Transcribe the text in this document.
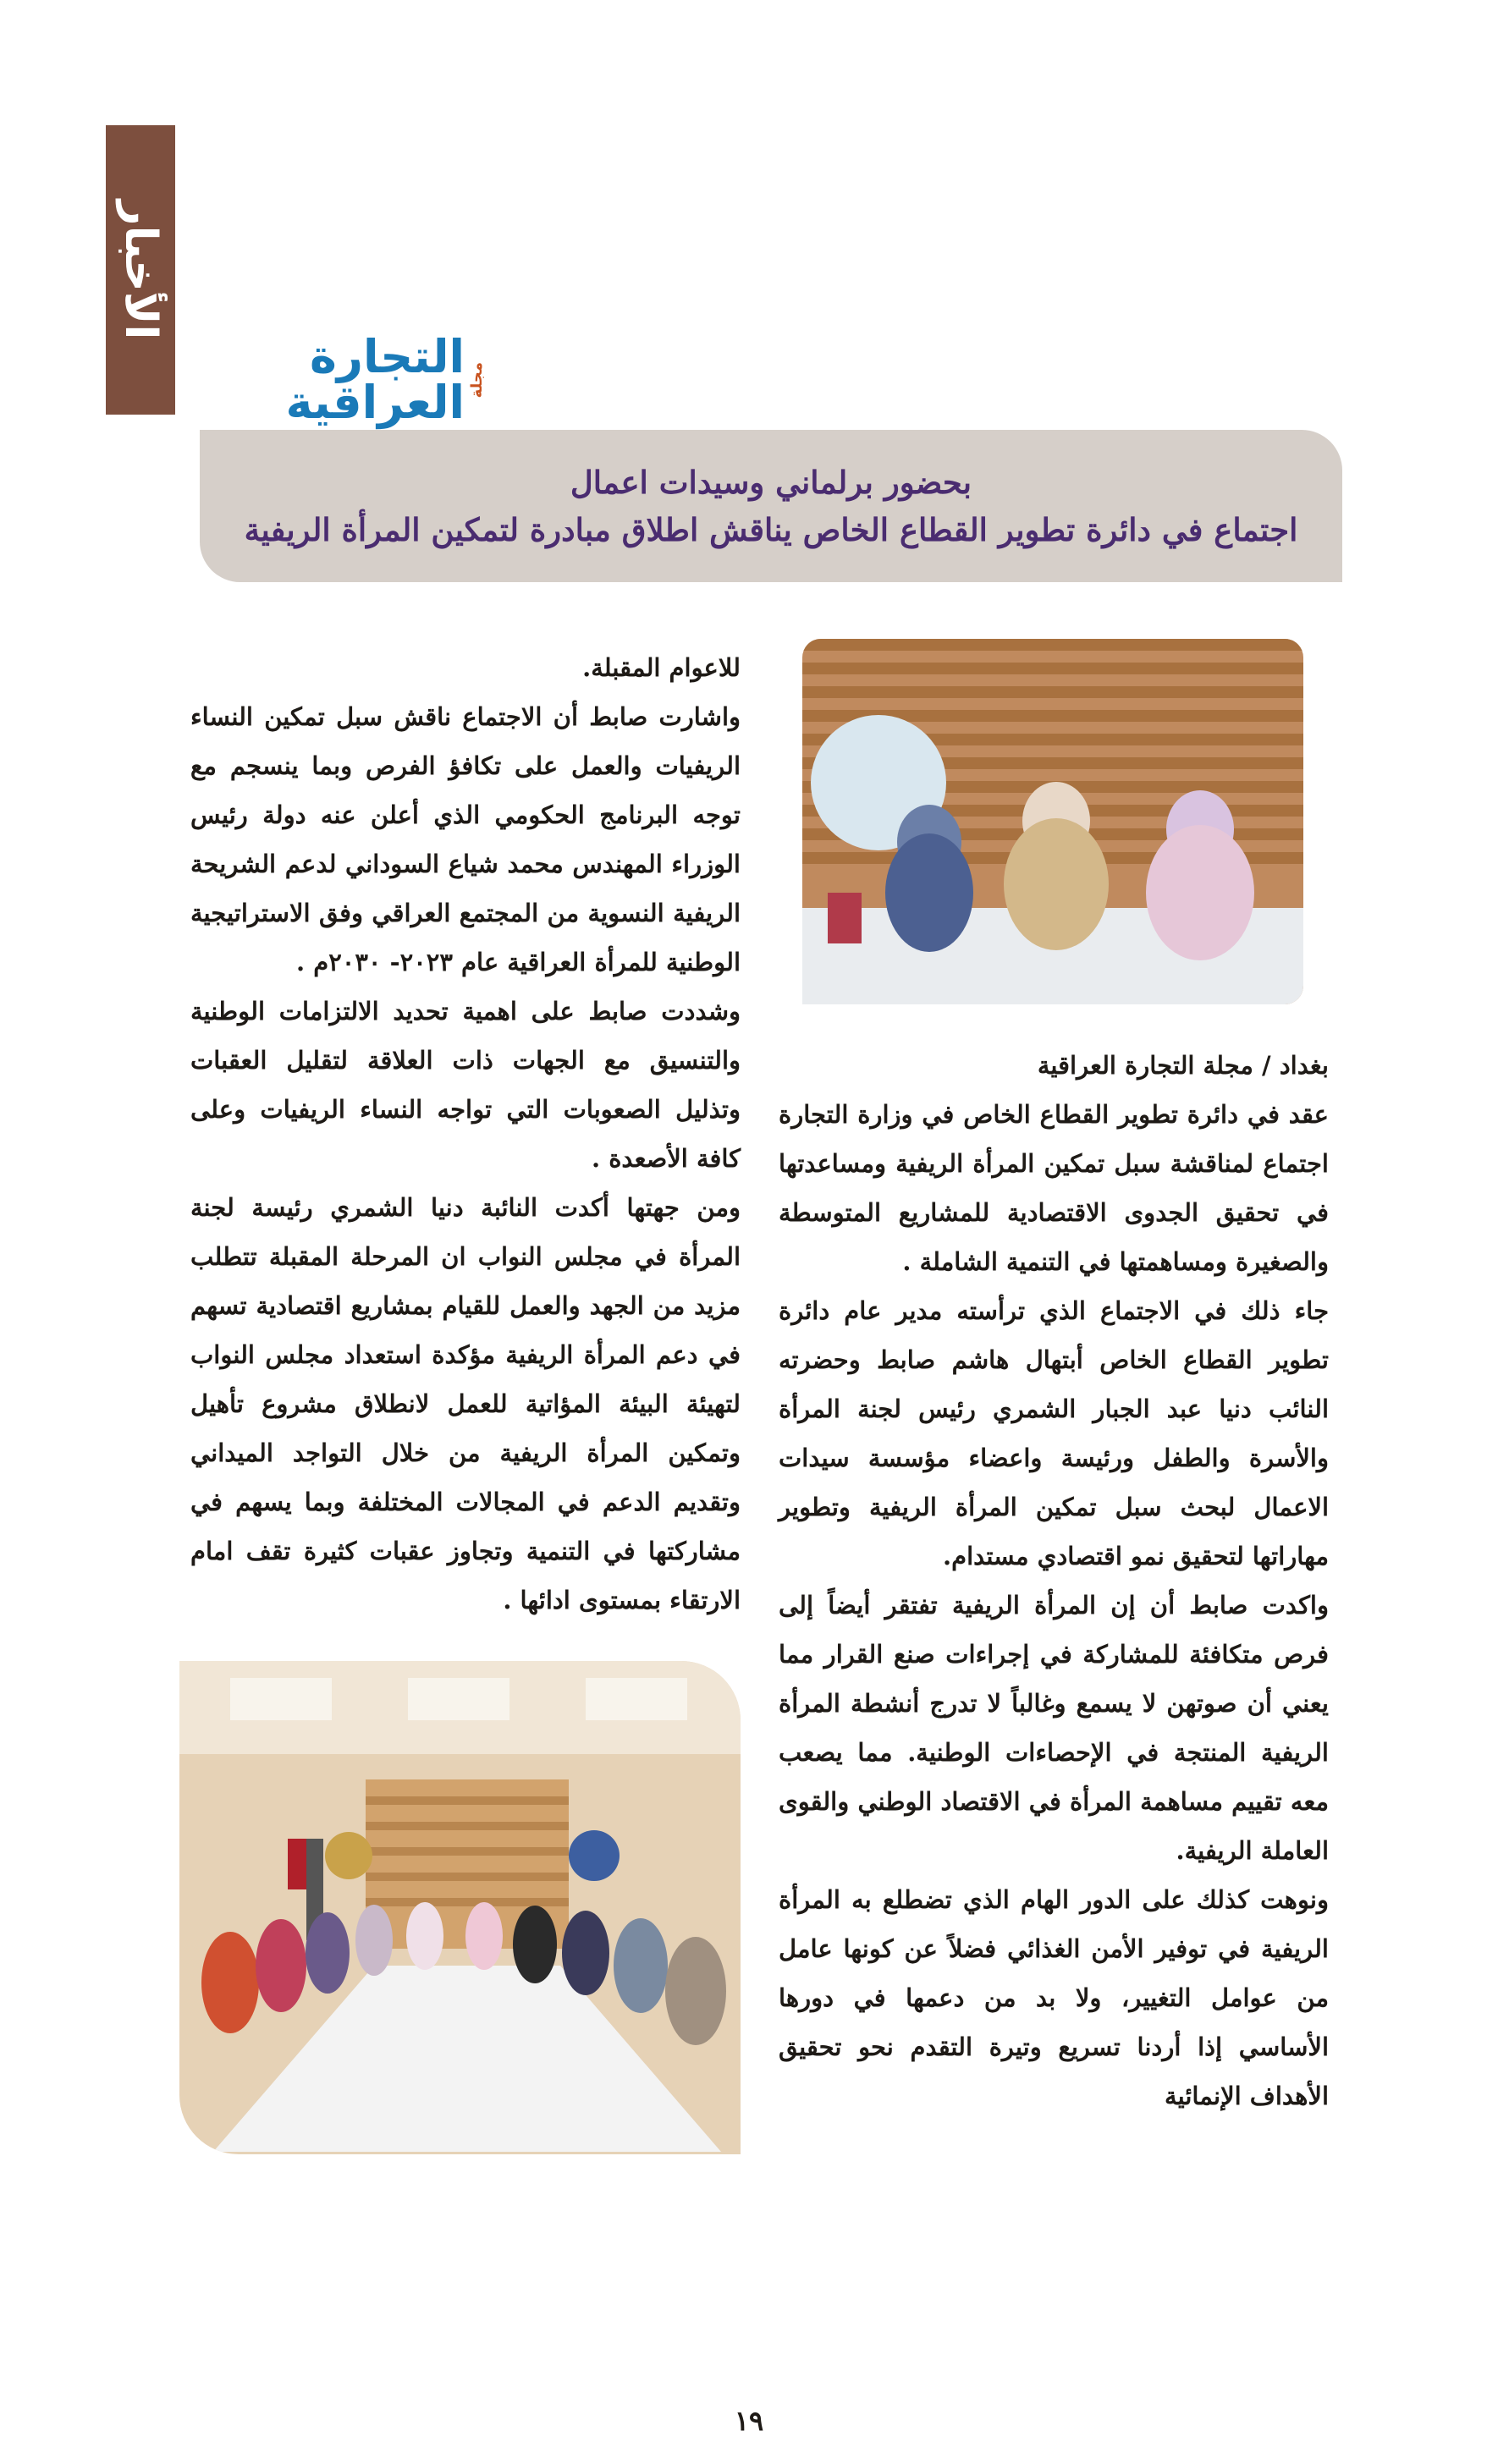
الأخبار
مجلة
التجارة العراقية
بحضور برلماني وسيدات اعمال
اجتماع في دائرة تطوير القطاع الخاص يناقش اطلاق مبادرة لتمكين المرأة الريفية

بغداد / مجلة التجارة العراقية

عقد في دائرة تطوير القطاع الخاص في وزارة التجارة اجتماع لمناقشة سبل تمكين المرأة الريفية ومساعدتها في تحقيق الجدوى الاقتصادية للمشاريع المتوسطة والصغيرة ومساهمتها في التنمية الشاملة .

جاء ذلك في الاجتماع الذي ترأسته مدير عام دائرة تطوير القطاع الخاص أبتهال هاشم صابط وحضرته النائب دنيا عبد الجبار الشمري رئيس لجنة المرأة والأسرة والطفل ورئيسة واعضاء مؤسسة سيدات الاعمال لبحث سبل تمكين المرأة الريفية وتطوير مهاراتها لتحقيق نمو اقتصادي مستدام.

واكدت صابط أن إن المرأة الريفية تفتقر أيضاً إلى فرص متكافئة للمشاركة في إجراءات صنع القرار مما يعني أن صوتهن لا يسمع وغالباً لا تدرج أنشطة المرأة الريفية المنتجة في الإحصاءات الوطنية. مما يصعب معه تقييم مساهمة المرأة في الاقتصاد الوطني والقوى العاملة الريفية.

ونوهت كذلك على الدور الهام الذي تضطلع به المرأة الريفية في توفير الأمن الغذائي فضلاً عن كونها عامل من عوامل التغيير، ولا بد من دعمها في دورها الأساسي إذا أردنا تسريع وتيرة التقدم نحو تحقيق الأهداف الإنمائية

للاعوام المقبلة.

واشارت صابط أن الاجتماع ناقش سبل تمكين النساء الريفيات والعمل على تكافؤ الفرص وبما ينسجم مع توجه البرنامج الحكومي الذي أعلن عنه دولة رئيس الوزراء المهندس محمد شياع السوداني لدعم الشريحة الريفية النسوية من المجتمع العراقي وفق الاستراتيجية الوطنية للمرأة العراقية عام ٢٠٢٣- ٢٠٣٠م .

وشددت صابط على اهمية تحديد الالتزامات الوطنية والتنسيق مع الجهات ذات العلاقة لتقليل العقبات وتذليل الصعوبات التي تواجه النساء الريفيات وعلى كافة الأصعدة .

ومن جهتها أكدت النائبة دنيا الشمري رئيسة لجنة المرأة في مجلس النواب ان المرحلة المقبلة تتطلب مزيد من الجهد والعمل للقيام بمشاريع اقتصادية تسهم في دعم المرأة الريفية مؤكدة استعداد مجلس النواب لتهيئة البيئة المؤاتية للعمل لانطلاق مشروع تأهيل وتمكين المرأة الريفية من خلال التواجد الميداني وتقديم الدعم في المجالات المختلفة وبما يسهم في مشاركتها في التنمية وتجاوز عقبات كثيرة تقف امام الارتقاء بمستوى ادائها .

١٩
